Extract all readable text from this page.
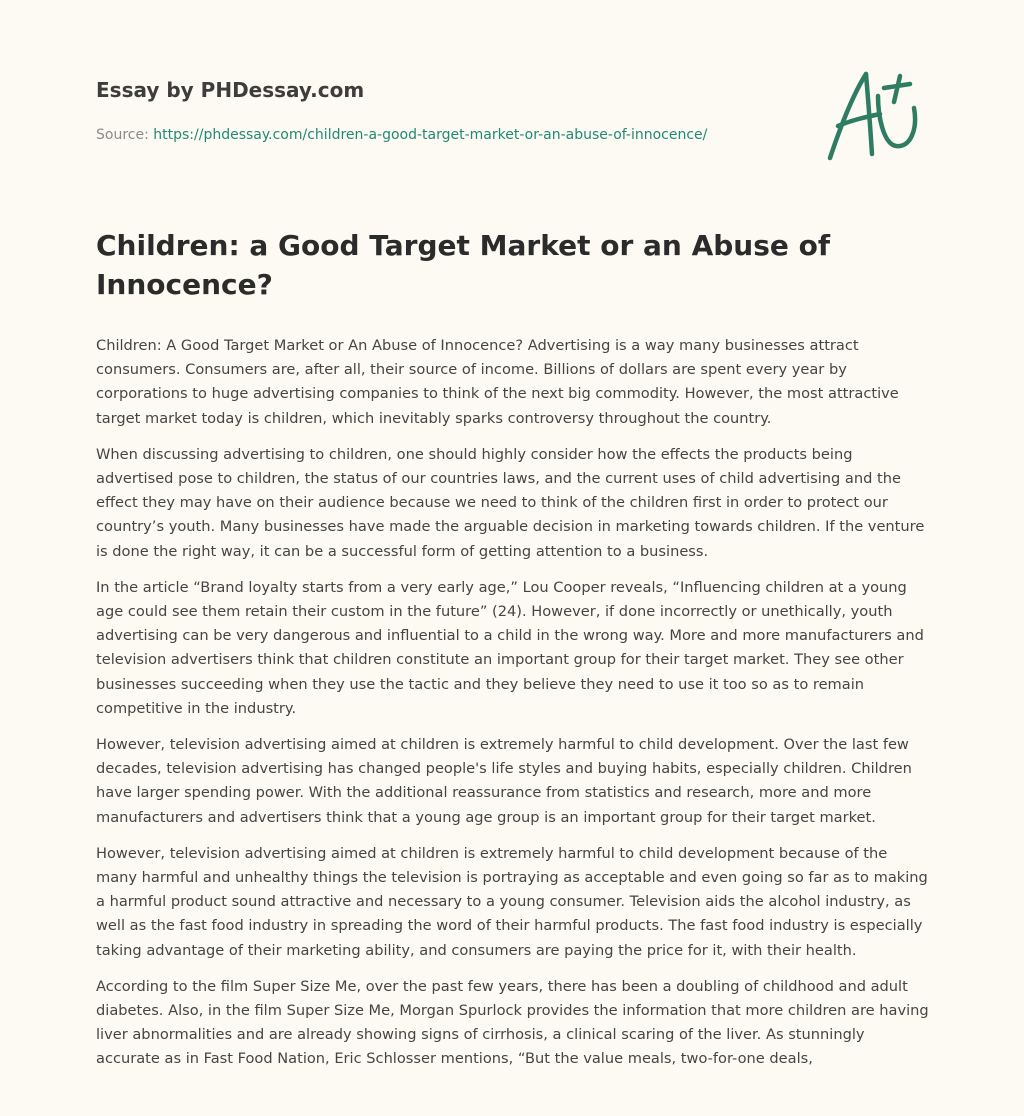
Essay by PHDessay.com
Source: https://phdessay.com/children-a-good-target-market-or-an-abuse-of-innocence/
Children: a Good Target Market or an Abuse of Innocence?

Children: A Good Target Market or An Abuse of Innocence? Advertising is a way many businesses attract consumers. Consumers are, after all, their source of income. Billions of dollars are spent every year by corporations to huge advertising companies to think of the next big commodity. However, the most attractive target market today is children, which inevitably sparks controversy throughout the country.

When discussing advertising to children, one should highly consider how the effects the products being advertised pose to children, the status of our countries laws, and the current uses of child advertising and the effect they may have on their audience because we need to think of the children first in order to protect our country’s youth. Many businesses have made the arguable decision in marketing towards children. If the venture is done the right way, it can be a successful form of getting attention to a business.

In the article “Brand loyalty starts from a very early age,” Lou Cooper reveals, “Influencing children at a young age could see them retain their custom in the future” (24). However, if done incorrectly or unethically, youth advertising can be very dangerous and influential to a child in the wrong way. More and more manufacturers and television advertisers think that children constitute an important group for their target market. They see other businesses succeeding when they use the tactic and they believe they need to use it too so as to remain competitive in the industry.

However, television advertising aimed at children is extremely harmful to child development. Over the last few decades, television advertising has changed people's life styles and buying habits, especially children. Children have larger spending power. With the additional reassurance from statistics and research, more and more manufacturers and advertisers think that a young age group is an important group for their target market.

However, television advertising aimed at children is extremely harmful to child development because of the many harmful and unhealthy things the television is portraying as acceptable and even going so far as to making a harmful product sound attractive and necessary to a young consumer. Television aids the alcohol industry, as well as the fast food industry in spreading the word of their harmful products. The fast food industry is especially taking advantage of their marketing ability, and consumers are paying the price for it, with their health.

According to the film Super Size Me, over the past few years, there has been a doubling of childhood and adult diabetes. Also, in the film Super Size Me, Morgan Spurlock provides the information that more children are having liver abnormalities and are already showing signs of cirrhosis, a clinical scaring of the liver. As stunningly accurate as in Fast Food Nation, Eric Schlosser mentions, “But the value meals, two-for-one deals,
